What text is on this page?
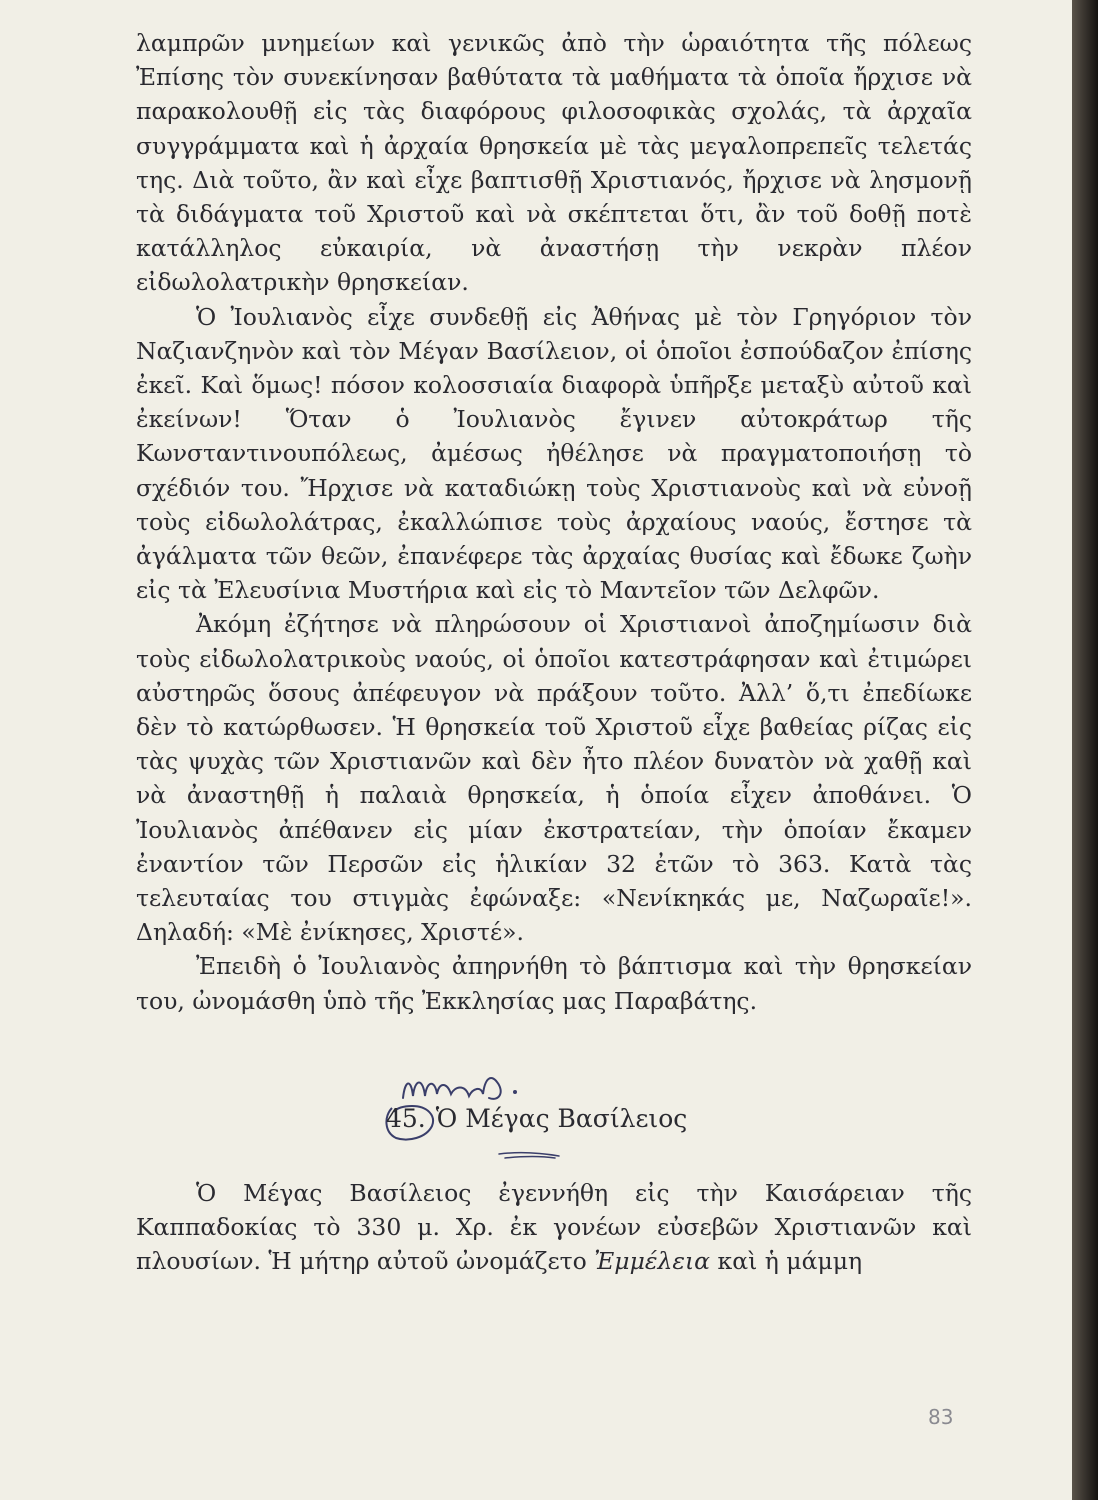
λαμπρῶν μνημείων καὶ γενικῶς ἀπὸ τὴν ὡραιότητα τῆς πόλεως Ἐπίσης τὸν συνεκίνησαν βαθύτατα τὰ μαθήματα τὰ ὁποῖα ἤρχισε νὰ παρακολουθῇ εἰς τὰς διαφόρους φιλοσοφικὰς σχολάς, τὰ ἀρχαῖα συγγράμματα καὶ ἡ ἀρχαία θρησκεία μὲ τὰς μεγαλοπρεπεῖς τελετάς της. Διὰ τοῦτο, ἂν καὶ εἶχε βαπτισθῇ Χριστιανός, ἤρχισε νὰ λησμονῇ τὰ διδάγματα τοῦ Χριστοῦ καὶ νὰ σκέπτεται ὅτι, ἂν τοῦ δοθῇ ποτὲ κατάλληλος εὐκαιρία, νὰ ἀναστήσῃ τὴν νεκρὰν πλέον εἰδωλολατρικὴν θρησκείαν.

Ὁ Ἰουλιανὸς εἶχε συνδεθῇ εἰς Ἀθήνας μὲ τὸν Γρηγόριον τὸν Ναζιανζηνὸν καὶ τὸν Μέγαν Βασίλειον, οἱ ὁποῖοι ἐσπούδαζον ἐπίσης ἐκεῖ. Καὶ ὅμως! πόσον κολοσσιαία διαφορὰ ὑπῆρξε μεταξὺ αὐτοῦ καὶ ἐκείνων! Ὅταν ὁ Ἰουλιανὸς ἔγινεν αὐτοκράτωρ τῆς Κωνσταντινουπόλεως, ἀμέσως ἠθέλησε νὰ πραγματοποιήσῃ τὸ σχέδιόν του. Ἤρχισε νὰ καταδιώκῃ τοὺς Χριστιανοὺς καὶ νὰ εὐνοῇ τοὺς εἰδωλολάτρας, ἐκαλλώπισε τοὺς ἀρχαίους ναούς, ἔστησε τὰ ἀγάλματα τῶν θεῶν, ἐπανέφερε τὰς ἀρχαίας θυσίας καὶ ἔδωκε ζωὴν εἰς τὰ Ἐλευσίνια Μυστήρια καὶ εἰς τὸ Μαντεῖον τῶν Δελφῶν.

Ἀκόμη ἐζήτησε νὰ πληρώσουν οἱ Χριστιανοὶ ἀποζημίωσιν διὰ τοὺς εἰδωλολατρικοὺς ναούς, οἱ ὁποῖοι κατεστράφησαν καὶ ἐτιμώρει αὐστηρῶς ὅσους ἀπέφευγον νὰ πράξουν τοῦτο. Ἀλλ’ ὅ,τι ἐπεδίωκε δὲν τὸ κατώρθωσεν. Ἡ θρησκεία τοῦ Χριστοῦ εἶχε βαθείας ρίζας εἰς τὰς ψυχὰς τῶν Χριστιανῶν καὶ δὲν ἦτο πλέον δυνατὸν νὰ χαθῇ καὶ νὰ ἀναστηθῇ ἡ παλαιὰ θρησκεία, ἡ ὁποία εἶχεν ἀποθάνει. Ὁ Ἰουλιανὸς ἀπέθανεν εἰς μίαν ἐκστρατείαν, τὴν ὁποίαν ἔκαμεν ἐναντίον τῶν Περσῶν εἰς ἡλικίαν 32 ἐτῶν τὸ 363. Κατὰ τὰς τελευταίας του στιγμὰς ἐφώναξε: «Νενίκηκάς με, Ναζωραῖε!». Δηλαδή: «Μὲ ἐνίκησες, Χριστέ».

Ἐπειδὴ ὁ Ἰουλιανὸς ἀπηρνήθη τὸ βάπτισμα καὶ τὴν θρησκείαν του, ὠνομάσθη ὑπὸ τῆς Ἐκκλησίας μας Παραβάτης.

45. Ὁ Μέγας Βασίλειος

Ὁ Μέγας Βασίλειος ἐγεννήθη εἰς τὴν Καισάρειαν τῆς Καππαδοκίας τὸ 330 μ. Χρ. ἐκ γονέων εὐσεβῶν Χριστιανῶν καὶ πλουσίων. Ἡ μήτηρ αὐτοῦ ὠνομάζετο Ἐμμέλεια καὶ ἡ μάμμη

83
